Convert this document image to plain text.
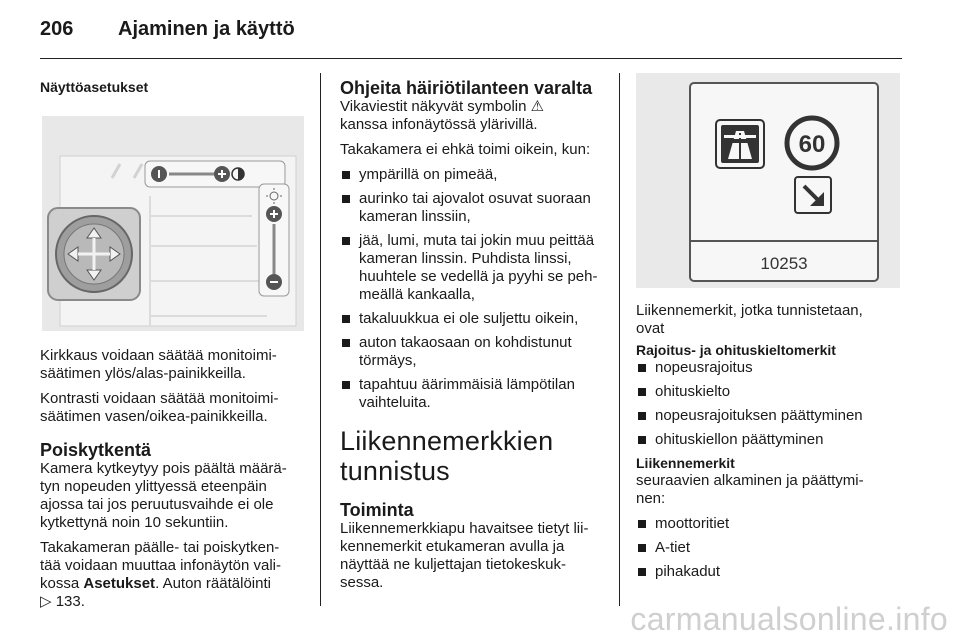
206 Ajaminen ja käyttö
Näyttöasetukset

Kirkkaus voidaan säätää monitoimi-
säätimen ylös/alas-painikkeilla.

Kontrasti voidaan säätää monitoimi-
säätimen vasen/oikea-painikkeilla.

Poiskytkentä

Kamera kytkeytyy pois päältä määrä-
tyn nopeuden ylittyessä eteenpäin
ajossa tai jos peruutusvaihde ei ole
kytkettynä noin 10 sekuntiin.

Takakameran päälle- tai poiskytken-
tää voidaan muuttaa infonäytön vali-
kossa Asetukset. Auton räätälöinti
▷ 133.

Ohjeita häiriötilanteen varalta

Vikaviestit näkyvät symbolin ⚠
kanssa infonäytössä ylärivillä.

Takakamera ei ehkä toimi oikein, kun:

ympärillä on pimeää,
aurinko tai ajovalot osuvat suoraan
kameran linssiin,
jää, lumi, muta tai jokin muu peittää
kameran linssin. Puhdista linssi,
huuhtele se vedellä ja pyyhi se peh-
meällä kankaalla,
takaluukkua ei ole suljettu oikein,
auton takaosaan on kohdistunut
törmäys,
tapahtuu äärimmäisiä lämpötilan
vaihteluita.
Liikennemerkkien
tunnistus
Toiminta

Liikennemerkkiapu havaitsee tietyt lii-
kennemerkit etukameran avulla ja
näyttää ne kuljettajan tietokeskuk-
sessa.

60
10253

Liikennemerkit, jotka tunnistetaan,
ovat

Rajoitus- ja ohituskieltomerkit
nopeusrajoitus
ohituskielto
nopeusrajoituksen päättyminen
ohituskiellon päättyminen
Liikennemerkit

seuraavien alkaminen ja päättymi-
nen:

moottoritiet
A-tiet
pihakadut
carmanualsonline.info
